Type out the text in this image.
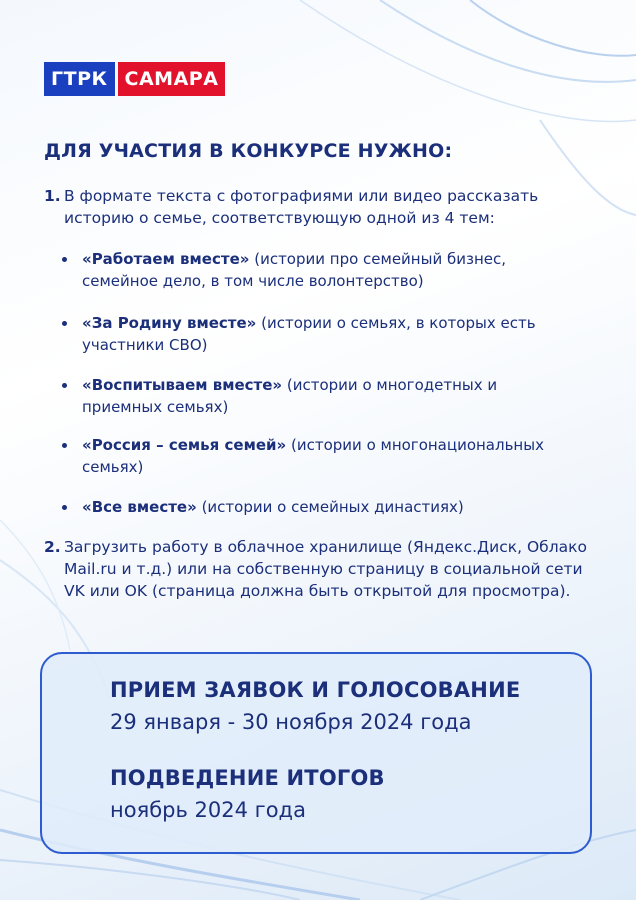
ГТРК САМАРА
ДЛЯ УЧАСТИЯ В КОНКУРСЕ НУЖНО:
1. В формате текста с фотографиями или видео рассказать историю о семье, соответствующую одной из 4 тем:
«Работаем вместе» (истории про семейный бизнес, семейное дело, в том числе волонтерство)
«За Родину вместе» (истории о семьях, в которых есть участники СВО)
«Воспитываем вместе» (истории о многодетных и приемных семьях)
«Россия – семья семей» (истории о многонациональных семьях)
«Все вместе» (истории о семейных династиях)
2. Загрузить работу в облачное хранилище (Яндекс.Диск, Облако Mail.ru и т.д.) или на собственную страницу в социальной сети VK или OK (страница должна быть открытой для просмотра).
ПРИЕМ ЗАЯВОК И ГОЛОСОВАНИЕ
29 января - 30 ноября 2024 года
ПОДВЕДЕНИЕ ИТОГОВ
ноябрь 2024 года
